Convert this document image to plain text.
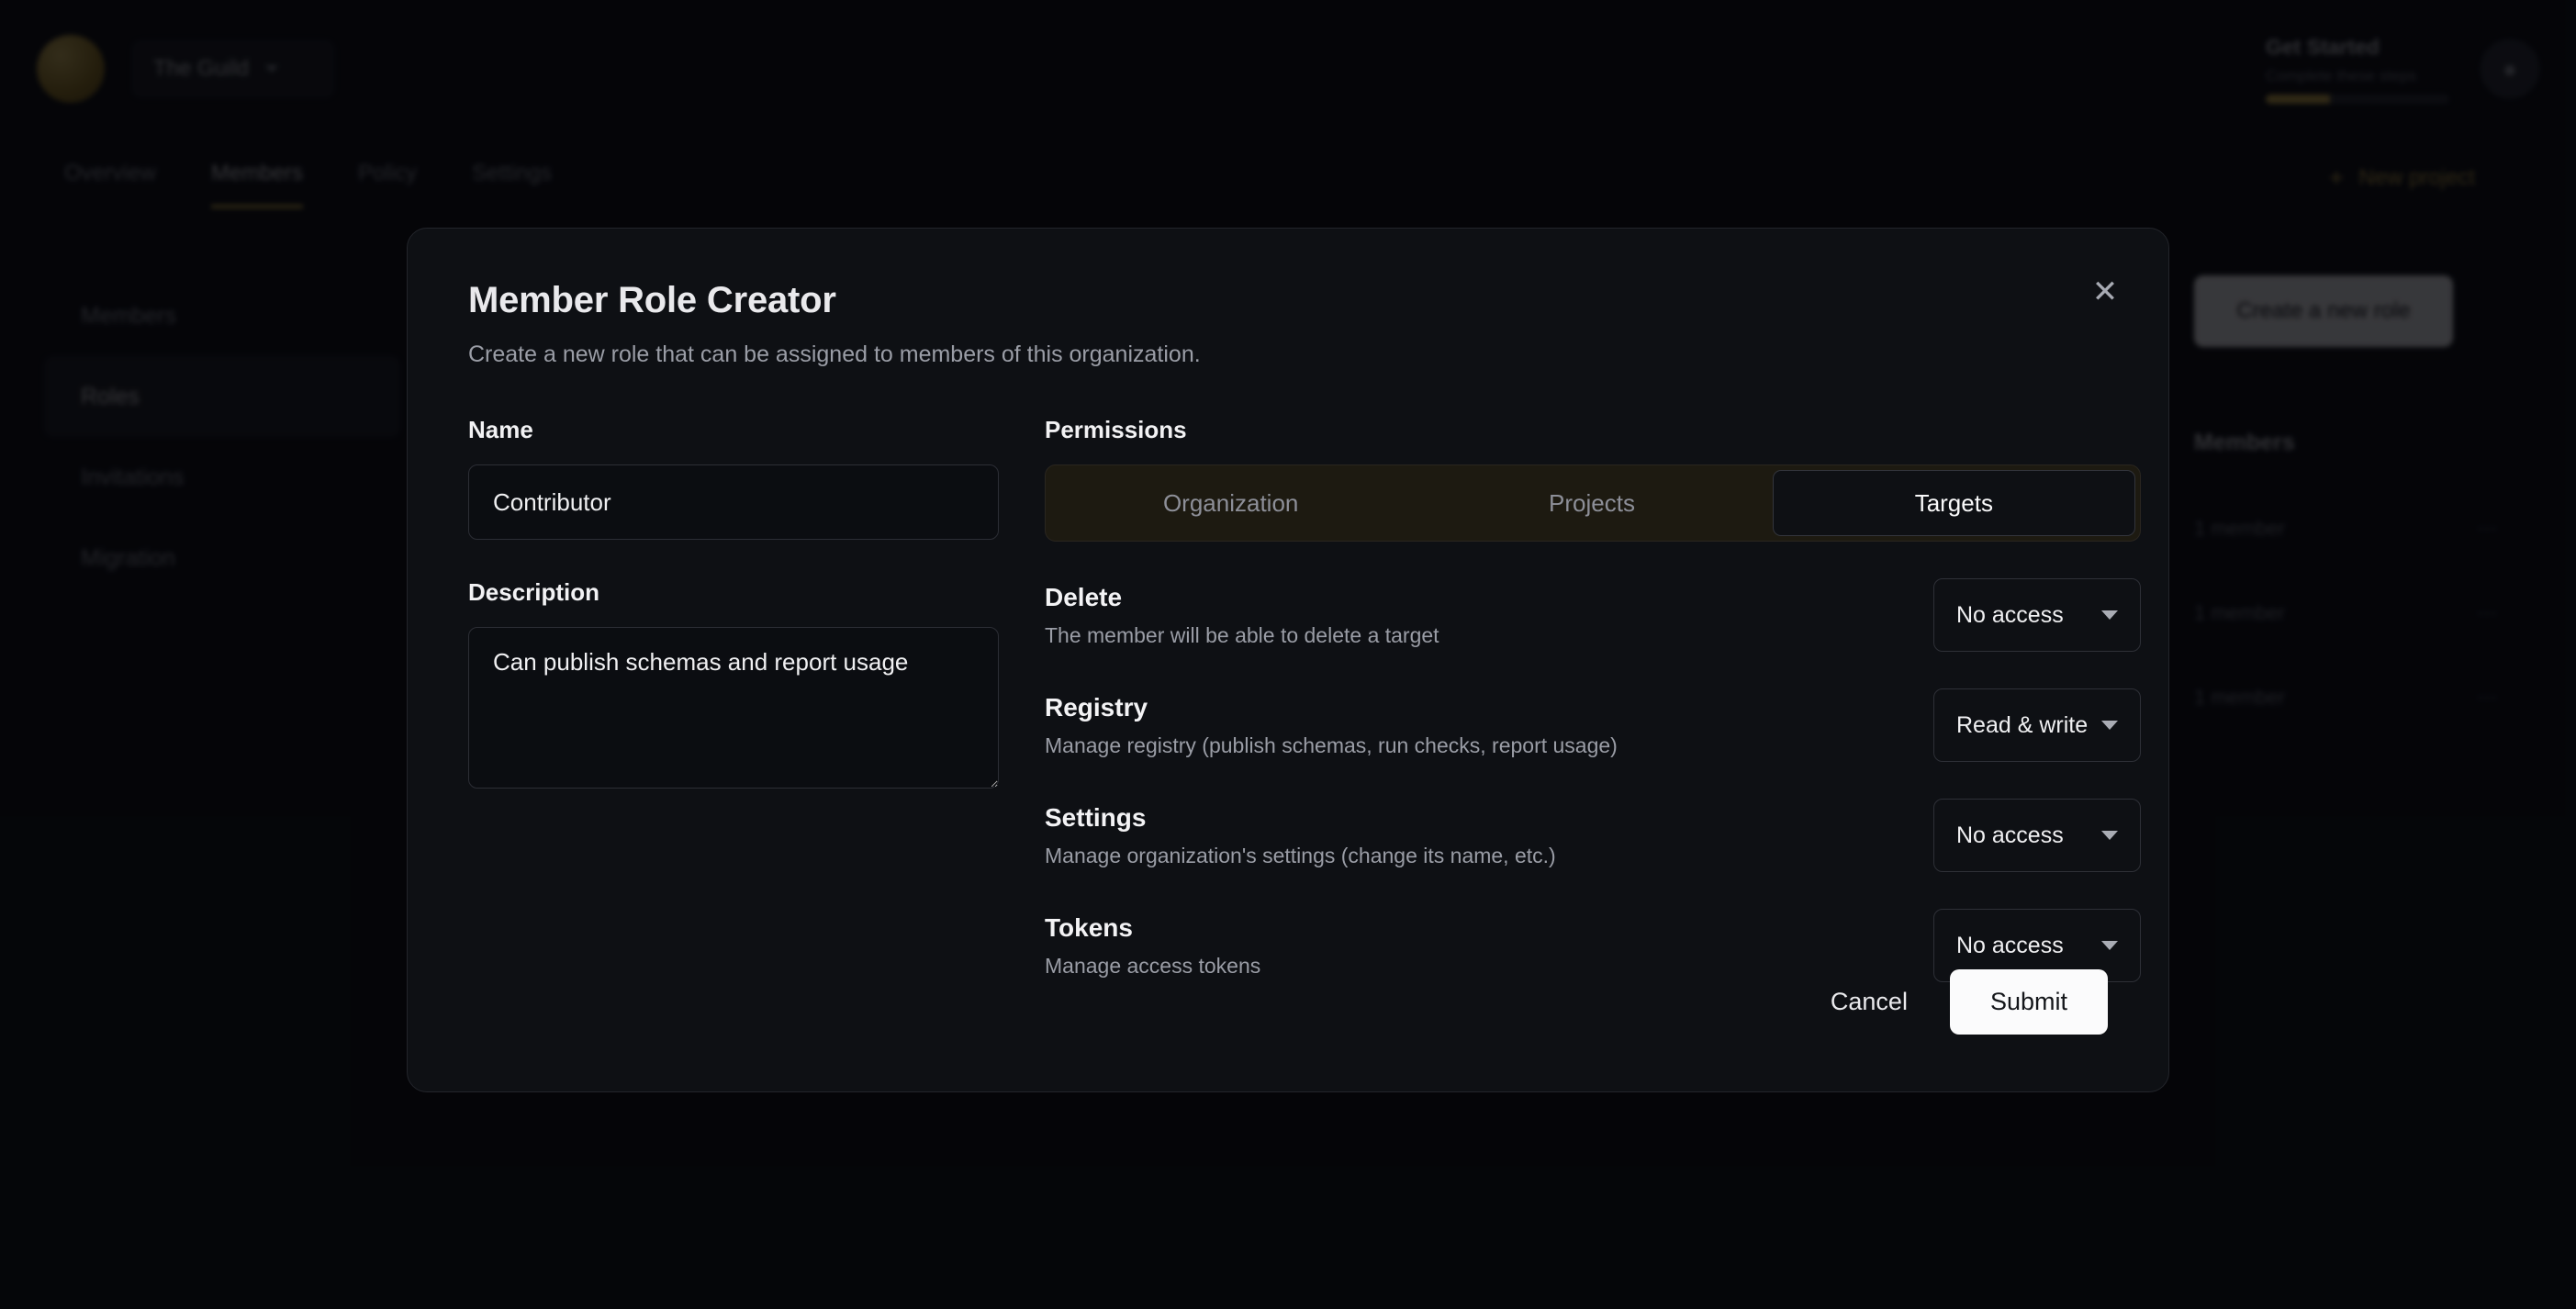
✕
Member Role Creator
Create a new role that can be assigned to members of this organization.
Name
Contributor
Description
Can publish schemas and report usage
Permissions
Organization	Projects	Targets
Delete
The member will be able to delete a target
No access
Registry
Manage registry (publish schemas, run checks, report usage)
Read & write
Settings
Manage organization's settings (change its name, etc.)
No access
Tokens
Manage access tokens
No access
Cancel	Submit
